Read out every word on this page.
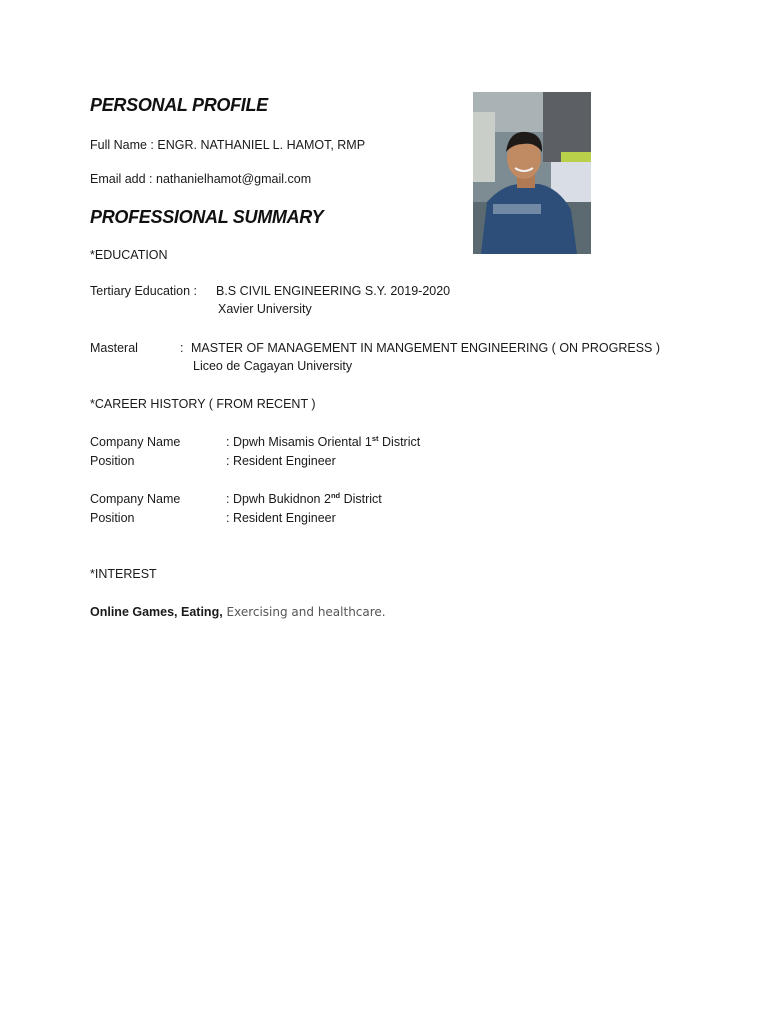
PERSONAL PROFILE
Full Name : ENGR. NATHANIEL L. HAMOT, RMP
Email add : nathanielhamot@gmail.com
PROFESSIONAL SUMMARY
*EDUCATION
Tertiary Education : B.S CIVIL ENGINEERING S.Y. 2019-2020
Xavier University
Masteral	: MASTER OF MANAGEMENT IN MANGEMENT ENGINEERING ( ON PROGRESS )
Liceo de Cagayan University
*CAREER HISTORY ( FROM RECENT )
Company Name	: Dpwh Misamis Oriental 1st District
Position	: Resident Engineer
Company Name	: Dpwh Bukidnon 2nd District
Position	: Resident Engineer
*INTEREST
Online Games, Eating, Exercising and healthcare.
